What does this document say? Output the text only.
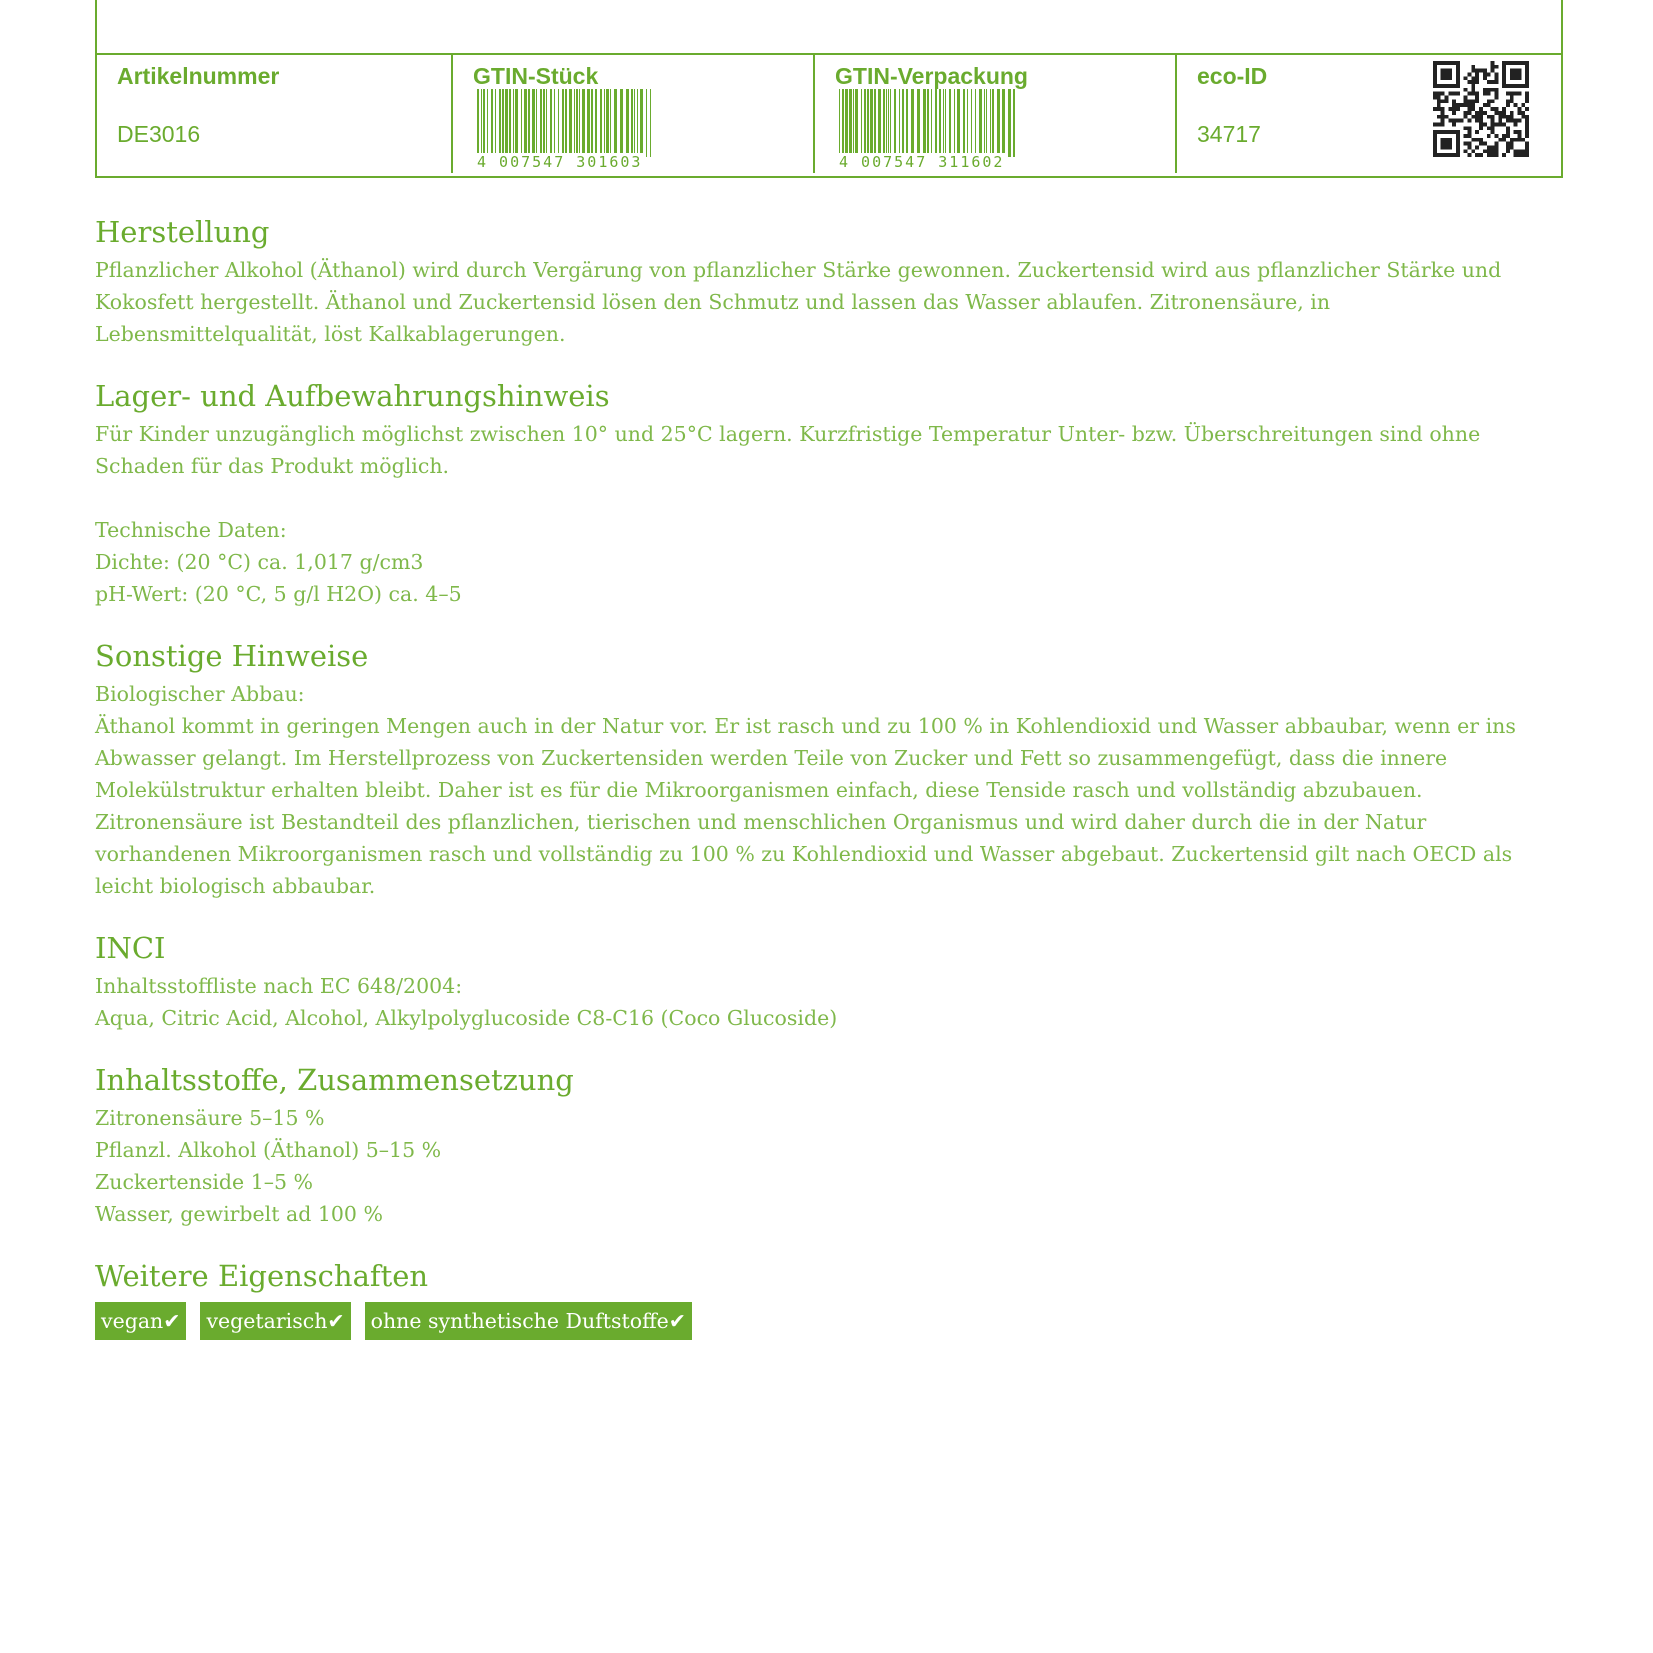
Artikelnummer
DE3016
GTIN-Stück
4 007547 301603
GTIN-Verpackung
4 007547 311602
eco-ID
34717
Herstellung

Pflanzlicher Alkohol (Äthanol) wird durch Vergärung von pflanzlicher Stärke gewonnen. Zuckertensid wird aus pflanzlicher Stärke und

Kokosfett hergestellt. Äthanol und Zuckertensid lösen den Schmutz und lassen das Wasser ablaufen. Zitronensäure, in

Lebensmittelqualität, löst Kalkablagerungen.

Lager- und Aufbewahrungshinweis

Für Kinder unzugänglich möglichst zwischen 10° und 25°C lagern. Kurzfristige Temperatur Unter- bzw. Überschreitungen sind ohne

Schaden für das Produkt möglich.

Technische Daten:

Dichte: (20 °C) ca. 1,017 g/cm3

pH-Wert: (20 °C, 5 g/l H2O) ca. 4–5

Sonstige Hinweise

Biologischer Abbau:

Äthanol kommt in geringen Mengen auch in der Natur vor. Er ist rasch und zu 100 % in Kohlendioxid und Wasser abbaubar, wenn er ins

Abwasser gelangt. Im Herstellprozess von Zuckertensiden werden Teile von Zucker und Fett so zusammengefügt, dass die innere

Molekülstruktur erhalten bleibt. Daher ist es für die Mikroorganismen einfach, diese Tenside rasch und vollständig abzubauen.

Zitronensäure ist Bestandteil des pflanzlichen, tierischen und menschlichen Organismus und wird daher durch die in der Natur

vorhandenen Mikroorganismen rasch und vollständig zu 100 % zu Kohlendioxid und Wasser abgebaut. Zuckertensid gilt nach OECD als

leicht biologisch abbaubar.

INCI

Inhaltsstoffliste nach EC 648/2004:

Aqua, Citric Acid, Alcohol, Alkylpolyglucoside C8-C16 (Coco Glucoside)

Inhaltsstoffe, Zusammensetzung

Zitronensäure 5–15 %

Pflanzl. Alkohol (Äthanol) 5–15 %

Zuckertenside 1–5 %

Wasser, gewirbelt ad 100 %

Weitere Eigenschaften
vegan✔ vegetarisch✔ ohne synthetische Duftstoffe✔
